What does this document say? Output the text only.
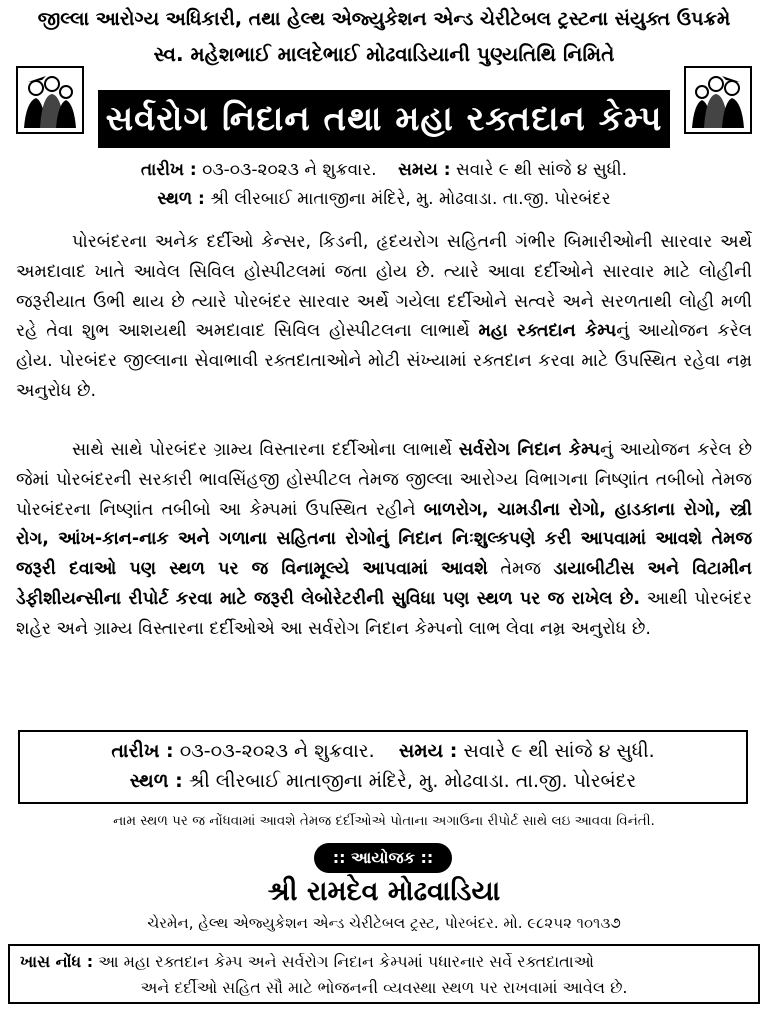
જીલ્લા આરોગ્ય અધિકારી, તથા હેલ્થ એજ્યુકેશન એન્ડ ચેરીટેબલ ટ્રસ્ટના સંયુક્ત ઉપક્રમે
સ્વ. મહેશભાઈ માલદેભાઈ મોઢવાડિયાની પુણ્યતિથિ નિમિતે
સર્વરોગ નિદાન તથા મહા રક્તદાન કેમ્પ
તારીખ : ૦૩-૦૩-૨૦૨૩ ને શુક્રવાર. સમય : સવારે ૯ થી સાંજે ૪ સુધી.
સ્થળ : શ્રી લીરબાઈ માતાજીના મંદિરે, મુ. મોઢવાડા. તા.જી. પોરબંદર
પોરબંદરના અનેક દર્દીઓ કેન્સર, કિડની, હૃદયરોગ સહિતની ગંભીર બિમારીઓની સારવાર અર્થે અમદાવાદ ખાતે આવેલ સિવિલ હોસ્પીટલમાં જતા હોય છે. ત્યારે આવા દર્દીઓને સારવાર માટે લોહીની જરૂરીયાત ઉભી થાય છે ત્યારે પોરબંદર સારવાર અર્થે ગયેલા દર્દીઓને સત્વરે અને સરળતાથી લોહી મળી રહે તેવા શુભ આશયથી અમદાવાદ સિવિલ હોસ્પીટલના લાભાર્થે મહા રક્તદાન કેમ્પનું આયોજન કરેલ હોય. પોરબંદર જીલ્લાના સેવાભાવી રક્તદાતાઓને મોટી સંખ્યામાં રક્તદાન કરવા માટે ઉપસ્થિત રહેવા નમ્ર અનુરોધ છે.
સાથે સાથે પોરબંદર ગ્રામ્ય વિસ્તારના દર્દીઓના લાભાર્થે સર્વરોગ નિદાન કેમ્પનું આયોજન કરેલ છે જેમાં પોરબંદરની સરકારી ભાવસિંહજી હોસ્પીટલ તેમજ જીલ્લા આરોગ્ય વિભાગના નિષ્ણાંત તબીબો તેમજ પોરબંદરના નિષ્ણાંત તબીબો આ કેમ્પમાં ઉપસ્થિત રહીને બાળરોગ, ચામડીના રોગો, હાડકાના રોગો, સ્ત્રી રોગ, આંખ-કાન-નાક અને ગળાના સહિતના રોગોનું નિદાન નિઃશુલ્કપણે કરી આપવામાં આવશે તેમજ જરૂરી દવાઓ પણ સ્થળ પર જ વિનામૂલ્યે આપવામાં આવશે તેમજ ડાયાબીટીસ અને વિટામીન ડેફીશીયન્સીના રીપોર્ટ કરવા માટે જરૂરી લેબોરેટરીની સુવિધા પણ સ્થળ પર જ રાખેલ છે. આથી પોરબંદર શહેર અને ગ્રામ્ય વિસ્તારના દર્દીઓએ આ સર્વરોગ નિદાન કેમ્પનો લાભ લેવા નમ્ર અનુરોધ છે.
તારીખ : ૦૩-૦૩-૨૦૨૩ ને શુક્રવાર. સમય : સવારે ૯ થી સાંજે ૪ સુધી.
સ્થળ : શ્રી લીરબાઈ માતાજીના મંદિરે, મુ. મોઢવાડા. તા.જી. પોરબંદર
નામ સ્થળ પર જ નોંધવામાં આવશે તેમજ દર્દીઓએ પોતાના અગાઉના રીપોર્ટ સાથે લઇ આવવા વિનંતી.
:: આયોજક ::
શ્રી રામદેવ મોઢવાડિયા
ચેરમેન, હેલ્થ એજ્યુકેશન એન્ડ ચેરીટેબલ ટ્રસ્ટ, પોરબંદર. મો. ૯૮૨૫૨ ૧૦૧૩૭
ખાસ નોંધ : આ મહા રક્તદાન કેમ્પ અને સર્વરોગ નિદાન કેમ્પમાં પધારનાર સર્વે રક્તદાતાઓ
અને દર્દીઓ સહિત સૌ માટે ભોજનની વ્યવસ્થા સ્થળ પર રાખવામાં આવેલ છે.
